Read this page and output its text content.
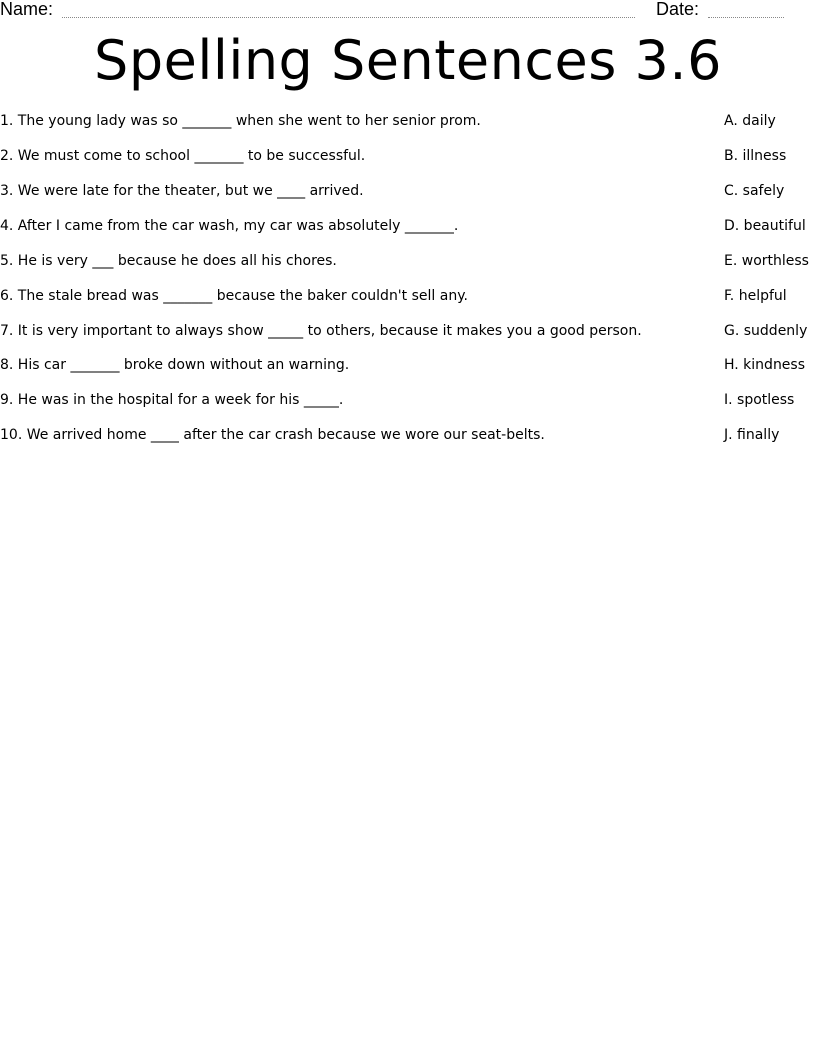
Name:	Date:
Spelling Sentences 3.6
1. The young lady was so _______ when she went to her senior prom.
2. We must come to school _______ to be successful.
3. We were late for the theater, but we ____ arrived.
4. After I came from the car wash, my car was absolutely _______.
5. He is very ___ because he does all his chores.
6. The stale bread was _______ because the baker couldn't sell any.
7. It is very important to always show _____ to others, because it makes you a good person.
8. His car _______ broke down without an warning.
9. He was in the hospital for a week for his _____.
10. We arrived home ____ after the car crash because we wore our seat-belts.
A. daily
B. illness
C. safely
D. beautiful
E. worthless
F. helpful
G. suddenly
H. kindness
I. spotless
J. finally
